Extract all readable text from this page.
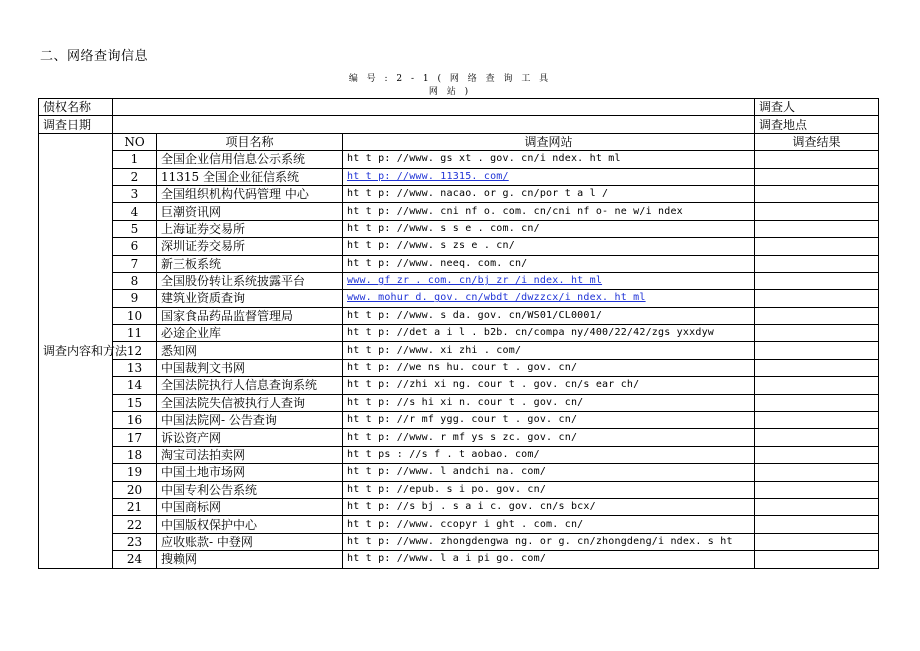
二、网络查询信息
编 号 : 2 - 1 ( 网 络 查 询 工 具
网 站 )
债权名称				调查人
调查日期				调查地点
调查内容和方法	NO	项目名称	调查网站	调查结果
	1	全国企业信用信息公示系统	ht t p: //www. gs xt . gov. cn/i ndex. ht ml	
	2	11315 全国企业征信系统	ht t p: //www. 11315. com/	
	3	全国组织机构代码管理 中心	ht t p: //www. nacao. or g. cn/por t a l /	
	4	巨潮资讯网	ht t p: //www. cni nf o. com. cn/cni nf o- ne w/i ndex	
	5	上海证券交易所	ht t p: //www. s s e . com. cn/	
	6	深圳证券交易所	ht t p: //www. s zs e . cn/	
	7	新三板系统	ht t p: //www. neeq. com. cn/	
	8	全国股份转让系统披露平台	www. gf zr . com. cn/bj zr /i ndex. ht ml	
	9	建筑业资质查询	www. mohur d. gov. cn/wbdt /dwzzcx/i ndex. ht ml	
	10	国家食品药品监督管理局	ht t p: //www. s da. gov. cn/WS01/CL0001/	
	11	必途企业库	ht t p: //det a i l . b2b. cn/compa ny/400/22/42/zgs yxxdyw	
	12	悉知网	ht t p: //www. xi zhi . com/	
	13	中国裁判文书网	ht t p: //we ns hu. cour t . gov. cn/	
	14	全国法院执行人信息查询系统	ht t p: //zhi xi ng. cour t . gov. cn/s ear ch/	
	15	全国法院失信被执行人查询	ht t p: //s hi xi n. cour t . gov. cn/	
	16	中国法院网- 公告查询	ht t p: //r mf ygg. cour t . gov. cn/	
	17	诉讼资产网	ht t p: //www. r mf ys s zc. gov. cn/	
	18	淘宝司法拍卖网	ht t ps : //s f . t aobao. com/	
	19	中国土地市场网	ht t p: //www. l andchi na. com/	
	20	中国专利公告系统	ht t p: //epub. s i po. gov. cn/	
	21	中国商标网	ht t p: //s bj . s a i c. gov. cn/s bcx/	
	22	中国版权保护中心	ht t p: //www. ccopyr i ght . com. cn/	
	23	应收账款- 中登网	ht t p: //www. zhongdengwa ng. or g. cn/zhongdeng/i ndex. s ht	
	24	搜赖网	ht t p: //www. l a i pi go. com/	
